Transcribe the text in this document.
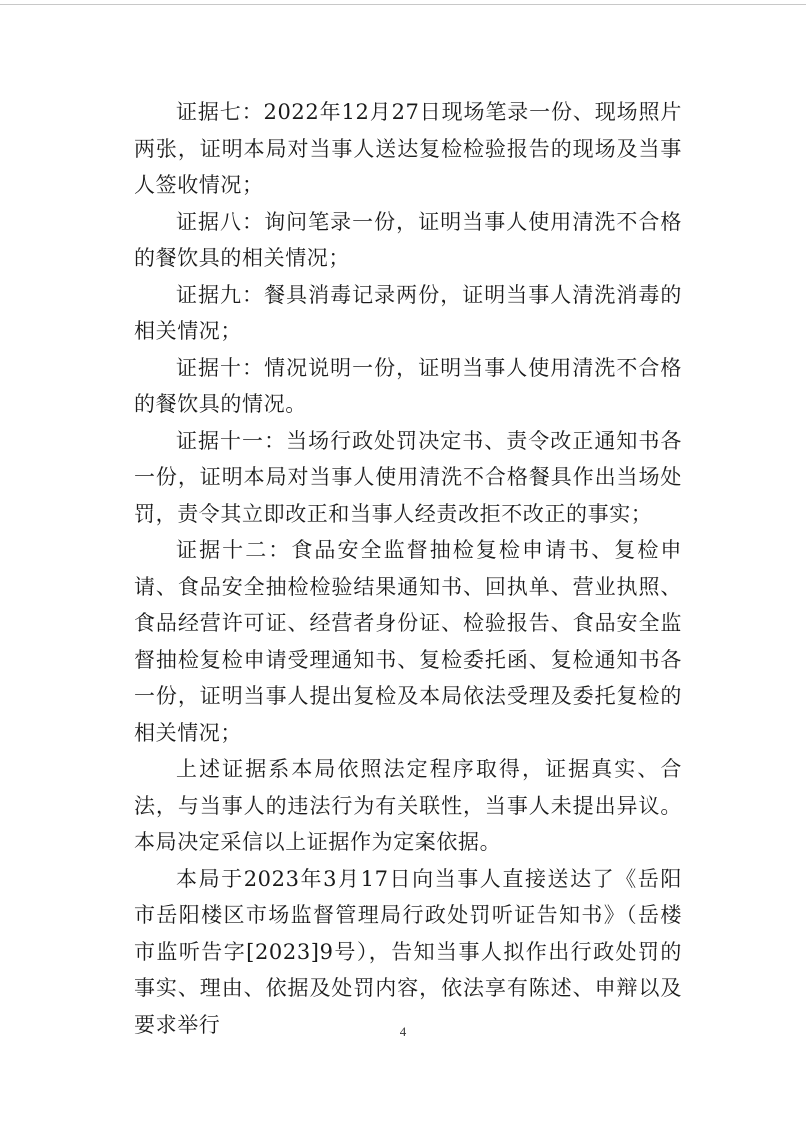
证据七：2022年12月27日现场笔录一份、现场照片两张，证明本局对当事人送达复检检验报告的现场及当事人签收情况；

证据八：询问笔录一份，证明当事人使用清洗不合格的餐饮具的相关情况；

证据九：餐具消毒记录两份，证明当事人清洗消毒的相关情况；

证据十：情况说明一份，证明当事人使用清洗不合格的餐饮具的情况。

证据十一：当场行政处罚决定书、责令改正通知书各一份，证明本局对当事人使用清洗不合格餐具作出当场处罚，责令其立即改正和当事人经责改拒不改正的事实；

证据十二：食品安全监督抽检复检申请书、复检申请、食品安全抽检检验结果通知书、回执单、营业执照、食品经营许可证、经营者身份证、检验报告、食品安全监督抽检复检申请受理通知书、复检委托函、复检通知书各一份，证明当事人提出复检及本局依法受理及委托复检的相关情况；

上述证据系本局依照法定程序取得，证据真实、合法，与当事人的违法行为有关联性，当事人未提出异议。本局决定采信以上证据作为定案依据。

本局于2023年3月17日向当事人直接送达了《岳阳市岳阳楼区市场监督管理局行政处罚听证告知书》（岳楼市监听告字[2023]9号），告知当事人拟作出行政处罚的事实、理由、依据及处罚内容，依法享有陈述、申辩以及要求举行	4
